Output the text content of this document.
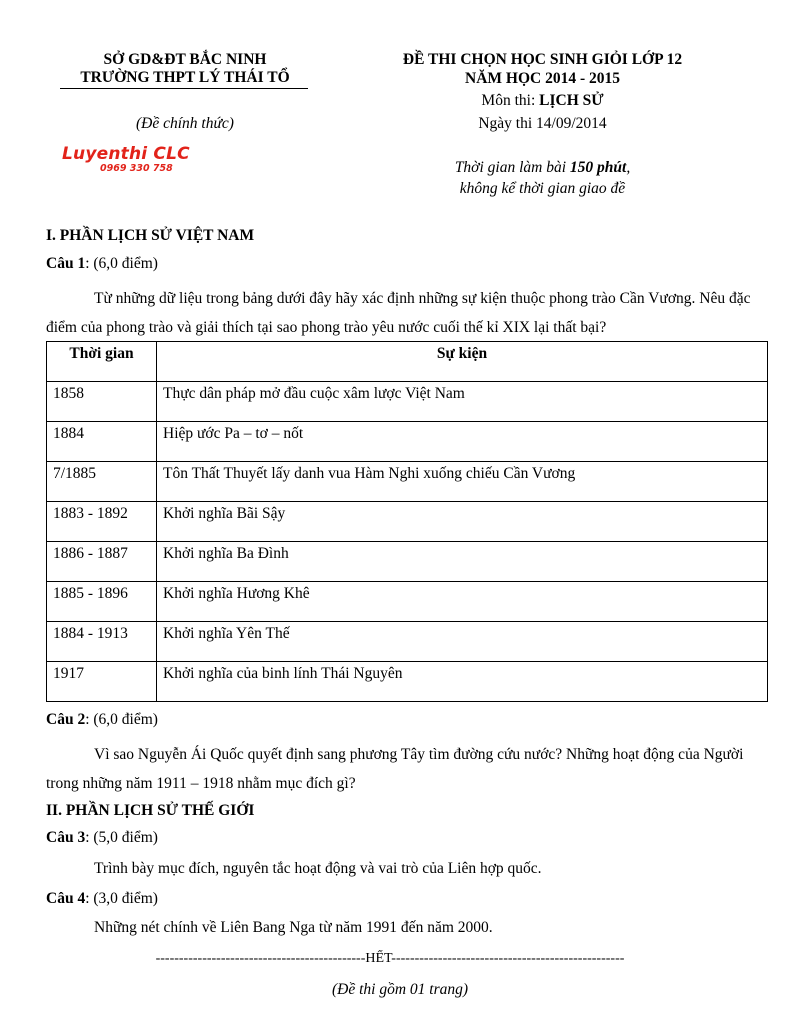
SỞ GD&ĐT BẮC NINH
TRƯỜNG THPT LÝ THÁI TỔ
(Đề chính thức)
Luyenthi CLC
0969 330 758
ĐỀ THI CHỌN HỌC SINH GIỎI LỚP 12
NĂM HỌC 2014 - 2015
Môn thi: LỊCH SỬ
Ngày thi 14/09/2014
Thời gian làm bài 150 phút,
không kể thời gian giao đề
I. PHẦN LỊCH SỬ VIỆT NAM
Câu 1: (6,0 điểm)
Từ những dữ liệu trong bảng dưới đây hãy xác định những sự kiện thuộc phong trào Cần Vương. Nêu đặc điểm của phong trào và giải thích tại sao phong trào yêu nước cuối thế kỉ XIX lại thất bại?
Thời gian	Sự kiện
1858	Thực dân pháp mở đầu cuộc xâm lược Việt Nam
1884	Hiệp ước Pa – tơ – nốt
7/1885	Tôn Thất Thuyết lấy danh vua Hàm Nghi xuống chiếu Cần Vương
1883 - 1892	Khởi nghĩa Bãi Sậy
1886 - 1887	Khởi nghĩa Ba Đình
1885 - 1896	Khởi nghĩa Hương Khê
1884 - 1913	Khởi nghĩa Yên Thế
1917	Khởi nghĩa của binh lính Thái Nguyên
Câu 2: (6,0 điểm)
Vì sao Nguyễn Ái Quốc quyết định sang phương Tây tìm đường cứu nước? Những hoạt động của Người trong những năm 1911 – 1918 nhằm mục đích gì?
II. PHẦN LỊCH SỬ THẾ GIỚI
Câu 3: (5,0 điểm)
Trình bày mục đích, nguyên tắc hoạt động và vai trò của Liên hợp quốc.
Câu 4: (3,0 điểm)
Những nét chính về Liên Bang Nga từ năm 1991 đến năm 2000.
---------------------------------------------HẾT--------------------------------------------------
(Đề thi gồm 01 trang)
